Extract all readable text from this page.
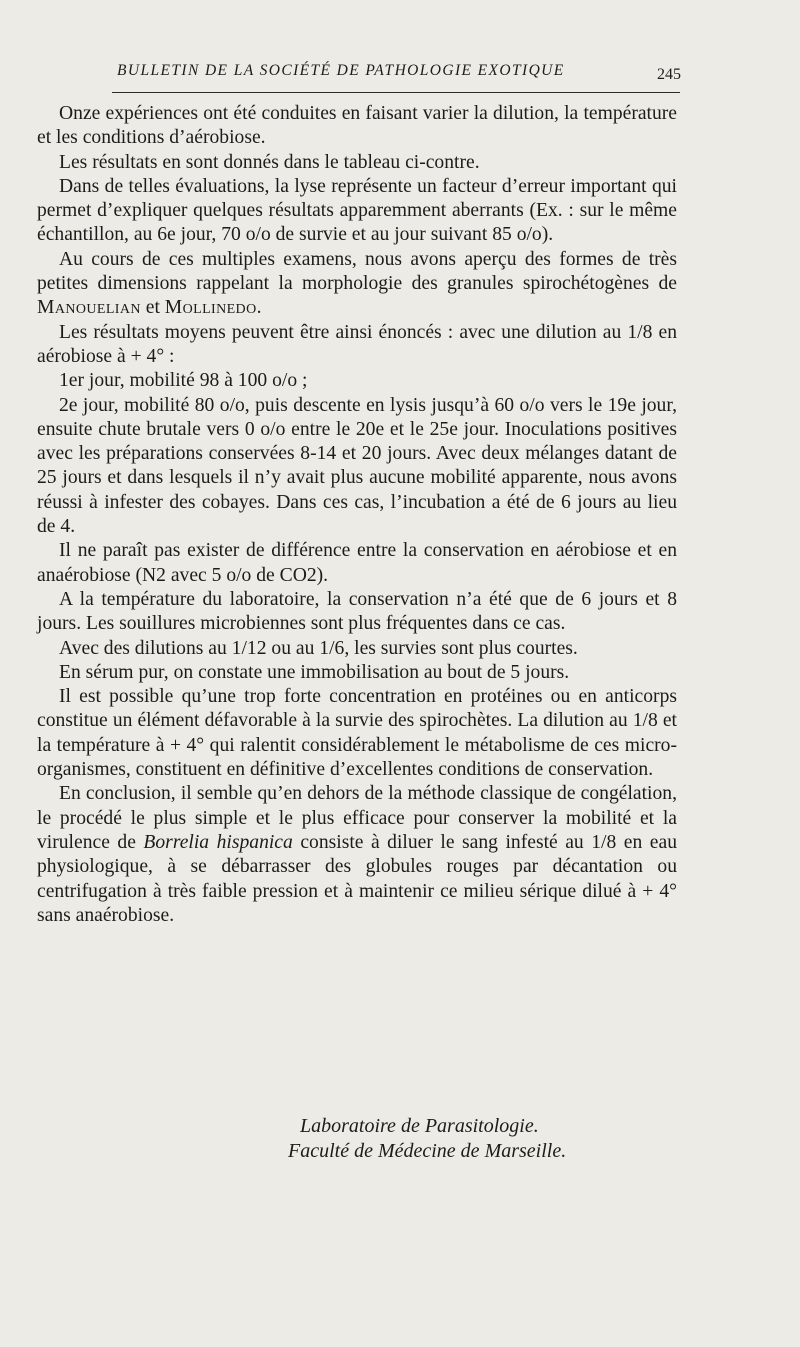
BULLETIN DE LA SOCIÉTÉ DE PATHOLOGIE EXOTIQUE	245

Onze expériences ont été conduites en faisant varier la dilution, la température et les conditions d’aérobiose.

Les résultats en sont donnés dans le tableau ci-contre.

Dans de telles évaluations, la lyse représente un facteur d’erreur important qui permet d’expliquer quelques résultats apparemment aberrants (Ex. : sur le même échantillon, au 6e jour, 70 o/o de survie et au jour suivant 85 o/o).

Au cours de ces multiples examens, nous avons aperçu des formes de très petites dimensions rappelant la morphologie des granules spirochétogènes de Manouelian et Mollinedo.

Les résultats moyens peuvent être ainsi énoncés : avec une dilution au 1/8 en aérobiose à + 4° :

1er jour, mobilité 98 à 100 o/o ;

2e jour, mobilité 80 o/o, puis descente en lysis jusqu’à 60 o/o vers le 19e jour, ensuite chute brutale vers 0 o/o entre le 20e et le 25e jour. Inoculations positives avec les préparations conservées 8-14 et 20 jours. Avec deux mélanges datant de 25 jours et dans lesquels il n’y avait plus aucune mobilité apparente, nous avons réussi à infester des cobayes. Dans ces cas, l’incubation a été de 6 jours au lieu de 4.

Il ne paraît pas exister de différence entre la conservation en aérobiose et en anaérobiose (N2 avec 5 o/o de CO2).

A la température du laboratoire, la conservation n’a été que de 6 jours et 8 jours. Les souillures microbiennes sont plus fréquentes dans ce cas.

Avec des dilutions au 1/12 ou au 1/6, les survies sont plus courtes.

En sérum pur, on constate une immobilisation au bout de 5 jours.

Il est possible qu’une trop forte concentration en protéines ou en anticorps constitue un élément défavorable à la survie des spirochètes. La dilution au 1/8 et la température à + 4° qui ralentit considérablement le métabolisme de ces micro-organismes, constituent en définitive d’excellentes conditions de conservation.

En conclusion, il semble qu’en dehors de la méthode classique de congélation, le procédé le plus simple et le plus efficace pour conserver la mobilité et la virulence de Borrelia hispanica consiste à diluer le sang infesté au 1/8 en eau physiologique, à se débarrasser des globules rouges par décantation ou centrifugation à très faible pression et à maintenir ce milieu sérique dilué à + 4° sans anaérobiose.

Laboratoire de Parasitologie.
Faculté de Médecine de Marseille.
